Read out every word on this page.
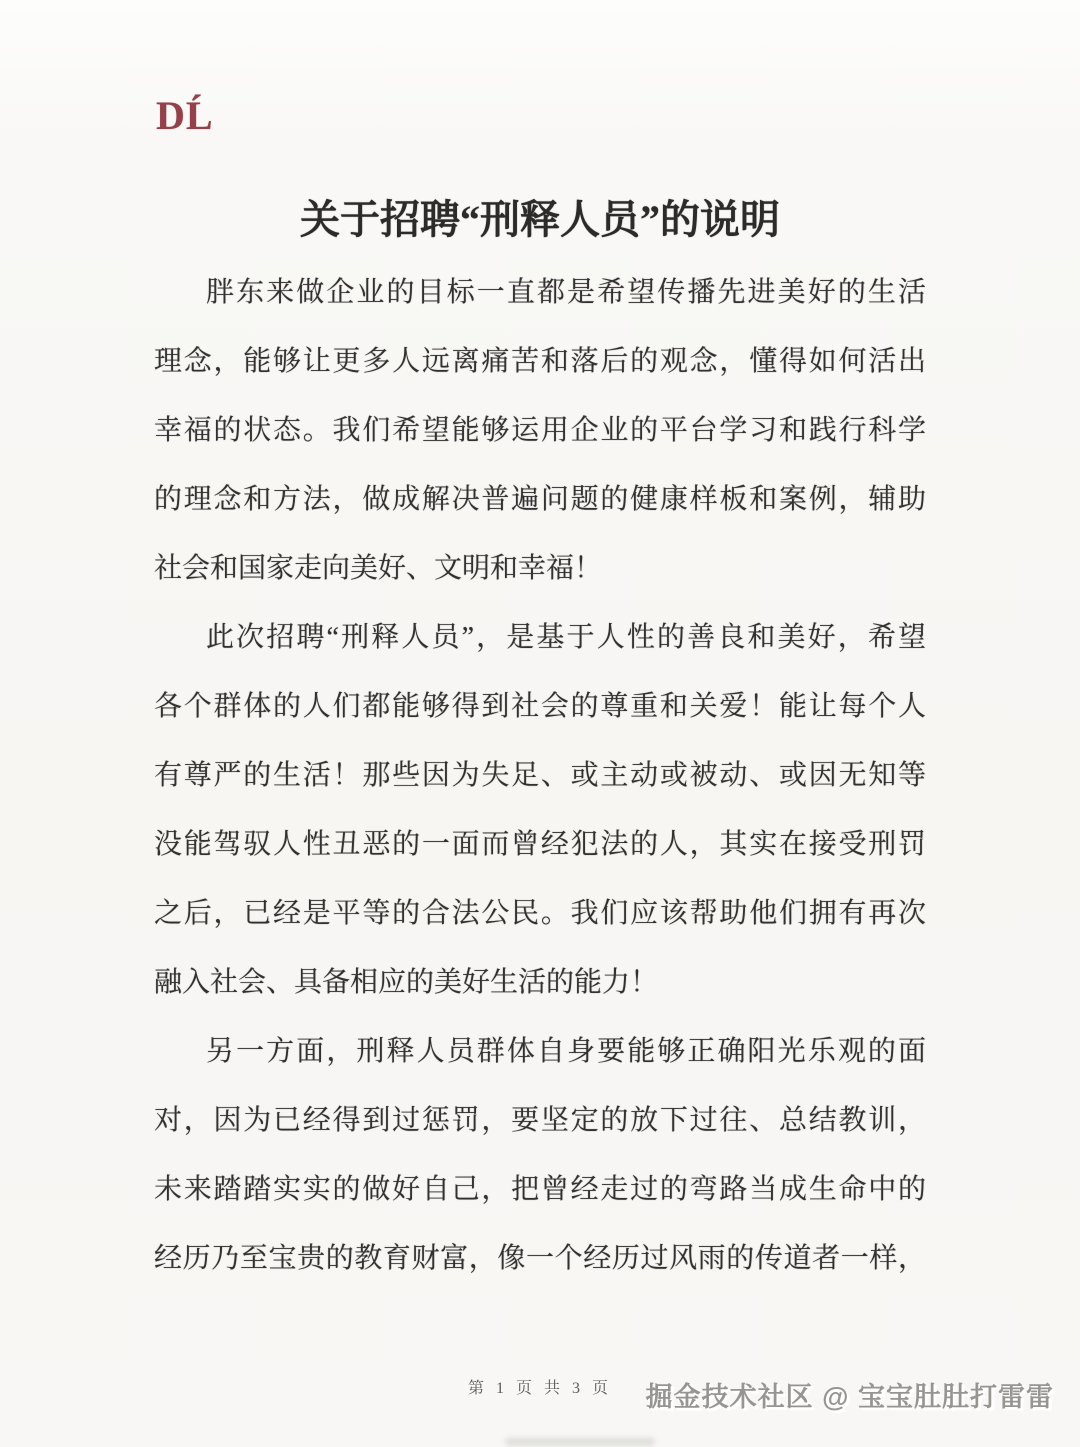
DĹ
关于招聘“刑释人员”的说明
胖东来做企业的目标一直都是希望传播先进美好的生活
理念，能够让更多人远离痛苦和落后的观念，懂得如何活出
幸福的状态。我们希望能够运用企业的平台学习和践行科学
的理念和方法，做成解决普遍问题的健康样板和案例，辅助
社会和国家走向美好、文明和幸福！
此次招聘“刑释人员”，是基于人性的善良和美好，希望
各个群体的人们都能够得到社会的尊重和关爱！能让每个人
有尊严的生活！那些因为失足、或主动或被动、或因无知等
没能驾驭人性丑恶的一面而曾经犯法的人，其实在接受刑罚
之后，已经是平等的合法公民。我们应该帮助他们拥有再次
融入社会、具备相应的美好生活的能力！
另一方面，刑释人员群体自身要能够正确阳光乐观的面
对，因为已经得到过惩罚，要坚定的放下过往、总结教训，
未来踏踏实实的做好自己，把曾经走过的弯路当成生命中的
经历乃至宝贵的教育财富，像一个经历过风雨的传道者一样，
第 1 页 共 3 页	掘金技术社区 @ 宝宝肚肚打雷雷
